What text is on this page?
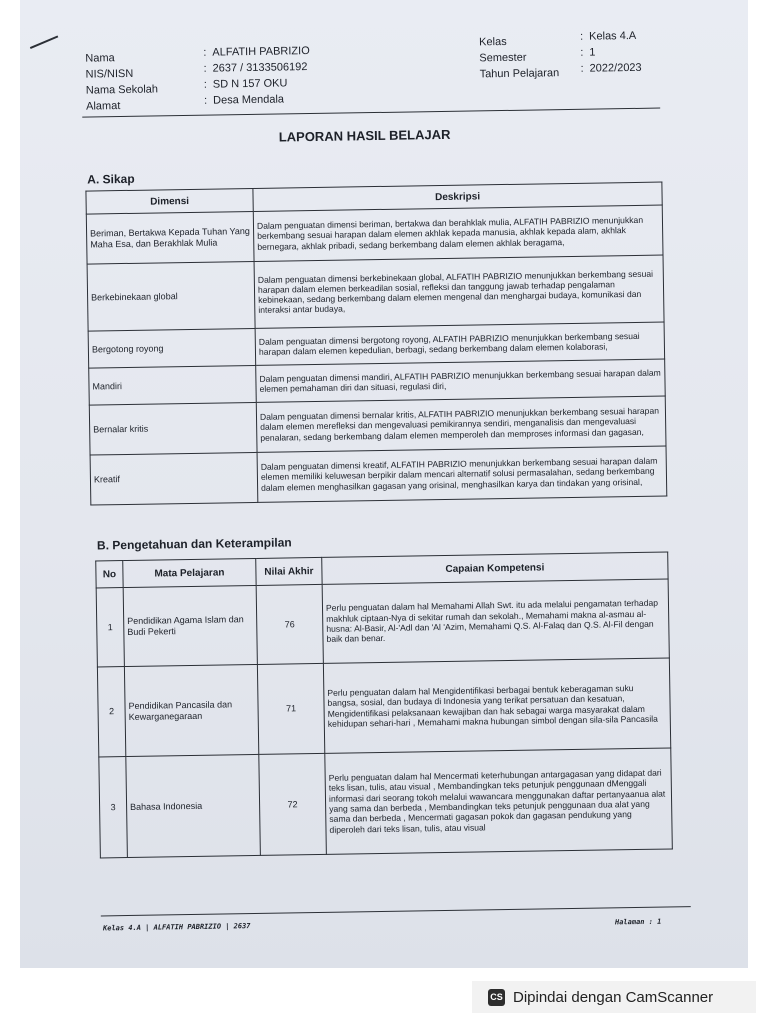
Nama	: ALFATIH PABRIZIO
NIS/NISN	: 2637 / 3133506192
Nama Sekolah	: SD N 157 OKU
Alamat	: Desa Mendala
Kelas	: Kelas 4.A
Semester	: 1
Tahun Pelajaran : 2022/2023
LAPORAN HASIL BELAJAR
A. Sikap
Dimensi	Deskripsi
Beriman, Bertakwa Kepada Tuhan Yang Maha Esa, dan Berakhlak Mulia	Dalam penguatan dimensi beriman, bertakwa dan berahklak mulia, ALFATIH PABRIZIO menunjukkan berkembang sesuai harapan dalam elemen akhlak kepada manusia, akhlak kepada alam, akhlak bernegara, akhlak pribadi, sedang berkembang dalam elemen akhlak beragama,
Berkebinekaan global	Dalam penguatan dimensi berkebinekaan global, ALFATIH PABRIZIO menunjukkan berkembang sesuai harapan dalam elemen berkeadilan sosial, refleksi dan tanggung jawab terhadap pengalaman kebinekaan, sedang berkembang dalam elemen mengenal dan menghargai budaya, komunikasi dan interaksi antar budaya,
Bergotong royong	Dalam penguatan dimensi bergotong royong, ALFATIH PABRIZIO menunjukkan berkembang sesuai harapan dalam elemen kepedulian, berbagi, sedang berkembang dalam elemen kolaborasi,
Mandiri	Dalam penguatan dimensi mandiri, ALFATIH PABRIZIO menunjukkan berkembang sesuai harapan dalam elemen pemahaman diri dan situasi, regulasi diri,
Bernalar kritis	Dalam penguatan dimensi bernalar kritis, ALFATIH PABRIZIO menunjukkan berkembang sesuai harapan dalam elemen merefleksi dan mengevaluasi pemikirannya sendiri, menganalisis dan mengevaluasi penalaran, sedang berkembang dalam elemen memperoleh dan memproses informasi dan gagasan,
Kreatif	Dalam penguatan dimensi kreatif, ALFATIH PABRIZIO menunjukkan berkembang sesuai harapan dalam elemen memiliki keluwesan berpikir dalam mencari alternatif solusi permasalahan, sedang berkembang dalam elemen menghasilkan gagasan yang orisinal, menghasilkan karya dan tindakan yang orisinal,
B. Pengetahuan dan Keterampilan
No	Mata Pelajaran	Nilai Akhir	Capaian Kompetensi
1	Pendidikan Agama Islam dan Budi Pekerti	76	Perlu penguatan dalam hal Memahami Allah Swt. itu ada melalui pengamatan terhadap makhluk ciptaan-Nya di sekitar rumah dan sekolah., Memahami makna al-asmau al-husna: Al-Basir, Al-'Adl dan 'Al 'Azim, Memahami Q.S. Al-Falaq dan Q.S. Al-Fil dengan baik dan benar.
2	Pendidikan Pancasila dan Kewarganegaraan	71	Perlu penguatan dalam hal Mengidentifikasi berbagai bentuk keberagaman suku bangsa, sosial, dan budaya di Indonesia yang terikat persatuan dan kesatuan, Mengidentifikasi pelaksanaan kewajiban dan hak sebagai warga masyarakat dalam kehidupan sehari-hari , Memahami makna hubungan simbol dengan sila-sila Pancasila
3	Bahasa Indonesia	72	Perlu penguatan dalam hal Mencermati keterhubungan antargagasan yang didapat dari teks lisan, tulis, atau visual , Membandingkan teks petunjuk penggunaan dMenggali informasi dari seorang tokoh melalui wawancara menggunakan daftar pertanyaanua alat yang sama dan berbeda , Membandingkan teks petunjuk penggunaan dua alat yang sama dan berbeda , Mencermati gagasan pokok dan gagasan pendukung yang diperoleh dari teks lisan, tulis, atau visual
Kelas 4.A | ALFATIH PABRIZIO | 2637
Halaman : 1
CS Dipindai dengan CamScanner
